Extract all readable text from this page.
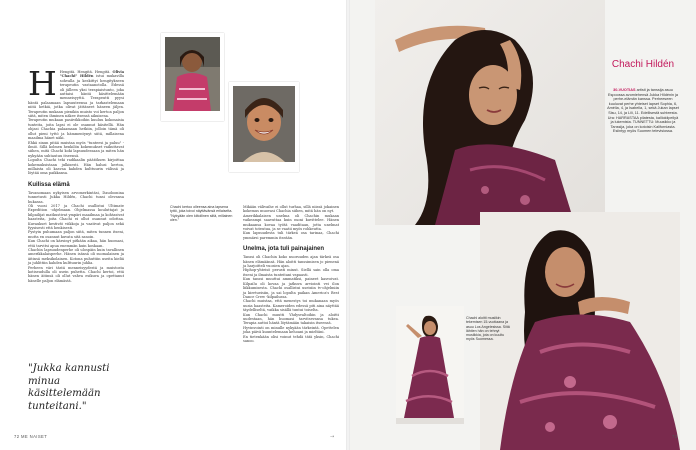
H Hengitä. Hengitä. Hengitä. Olivia "Chachi" Hildén istui mukavilla sohvalla ja keskittyi hengitykseen terapeutin vastaanotolla. Edessä oli jälleen yksi terapiaistunto, joka auttaisi häntä käsittelemään menneisyyttä. Terapeutti pyysi häntä palaamaan lapsuuteensa ja tarkastelemaan niitä hetkiä, jotka olivat jättäneet häneen jäljen. Terapeutin mukaan pienikin muisto voi kertoa paljon siitä, miten ihminen näkee itsensä aikuisena.

Terapeutin mukaan pasiivikkoihin kuuluu kokonaisia tunteita, joita lapsi ei ole osannut käsitellä. Hän ohjasi Chachia palaamaan hetkiin, jolloin tämä oli ollut pieni tyttö ja hämmentynyt siitä, millaisena maailma hänet näki.

Ehkä sinun pitää muistaa myös "tunteesi ja paluu" -ilmiö. Sillä kolmen henkilön kokemukset vaikuttavat siihen, mitä Chachi koki lapsuudessaan ja miten hän nykyään suhtautuu itseensä.

Lopulta Chachi teki radikaalin päätöksen kirjoittaa kokemuksistaan julkisesti. Hän halusi kertoa, millaista oli kasvaa kahden kulttuurin välissä ja löytää oma paikkansa.

Kuilissa elämä

Tavanomaan nykyisen arvomerkintäsi, Daudoonina tunnetusti Jukka Hildén, Chachi tunsi olevansa hukassa.

Oli vuosi 2017 ja Chachi osallistui Ultimate Expedition -ohjelmaan. Ohjelmassa kouluttajat ja kilpailijat matkustivat ympäri maailmaa ja kohtasivat haasteita, joita Chachi ei ollut osannut odottaa. Kuvaukset kestivät viikkoja ja vaativat paljon sekä fyysisesti että henkisesti.

Pystyin puhumaan paljon siitä, miten tunnen itseni, mutta en osannut kuvata sitä sanoin.

Kun Chachi on kärsinyt pitkään aikaa, hän huomasi, että tarvitsi apua enemmän kuin koskaan.

Chachin lapsuudenperhe oli ulospäin kuin tavallinen amerikkalaisperhe. Hänen isänsä oli suomalainen ja äitinsä meksikolainen. Kotona puhuttiin useita kieliä ja juhlittiin kahden kulttuurin juhlia.

Perheen väri tästä menneisyydestä ja muistosta kotiseudulla oli usein puhetta. Chachi kertoi, että hänen äitinsä oli ollut vahva esikuva ja opettanut hänelle paljon elämästä.

"Jukka kannusti minua käsittelemään tunteitani."

Chachi kertoo olleensa aina lapsena tyttö, joka toivoi näyttävänsä erilaiselta. "Nykyään olen kiitollinen siitä, millainen olen."

Mikään välivaihe ei ollut turhaa, sillä niissä jokainen kokemus muovasi Chachia siihen, mitä hän on nyt.

Amerikkalaisen unelma oli Chachin mukaan vaikeampi saavuttaa kuin moni kuvittelee. Hänen mukaansa kovaa työtä vaaditaan, jotta unelmat voivat toteutua, ja se vaatii myös rohkeutta.

Kun lapsuudesta tuli tärkeä osa tarinaa, Chachi ymmärsi paremmin itseään.

Unelma, jota tuli painajainen

Tanssi oli Chachin koko nuoruuden ajan tärkeä osa hänen elämäänsä. Hän aloitti tanssimisen jo pienenä ja harjoitteli vuosien ajan.

Hiphop-yhteisö perusti minut. Siellä sain olla oma itseni ja ilmaista tunteitani vapaasti.

Kun tanssi muuttui ammatiksi, paineet kasvoivat. Kilpailu oli kovaa ja jatkuva arviointi vei ilon liikkumisesta. Chachi osallistui useisiin tv-ohjelmiin ja kiertueisiin, ja sai lopulta paikan America's Best Dance Crew -kilpailussa.

Chachi muistaa, että menestys toi mukanaan myös uusia haasteita. Kameroiden edessä piti aina näyttää täydelliseltä, vaikka sisällä tuntui toiselta.

Kun Chachi muutti Yhdysvaltoihin ja aloitti uudestaan, hän huomasi tarvitsevansa tukea. Terapia auttoi häntä löytämään takaisin itseensä.

Hyvinvointi on minulle nykyään tärkeintä. Opettelen joka päivä kuuntelemaan kehoani ja mieltäni.

En tietenkään olisi voinut tehdä tätä yksin, Chachi sanoo.

72 ME NAISET	→
Chachi Hildén
30-VUOTIAS artisti ja tanssija asuu Espoossa avomiehensä Jukka Hildénin ja perhe-elämän kanssa. Perheeseen kuuluvat perhe yhteiset lapset Sophia, 6, Amélia, 4, ja Isabella, 1, sekä Jukan lapset Sisu, 14, ja Lili, 11. Edellisestä suhteesta. Ura: HARRASTAA pilatesta, kalliokiipeilyä ja lukemista. TUNNETTU: Muusikko ja Tanssija, joka on kotoisin Kaliforniasta. Esiintyy myös Suomen televisiossa.
Chachi aloitti musiikin tekemisen 15-vuotiaana ja asuu Los Angelesissa. Siitä lähtien hän on tehnyt musiikkia, jota on kuultu myös Suomessa.
73
